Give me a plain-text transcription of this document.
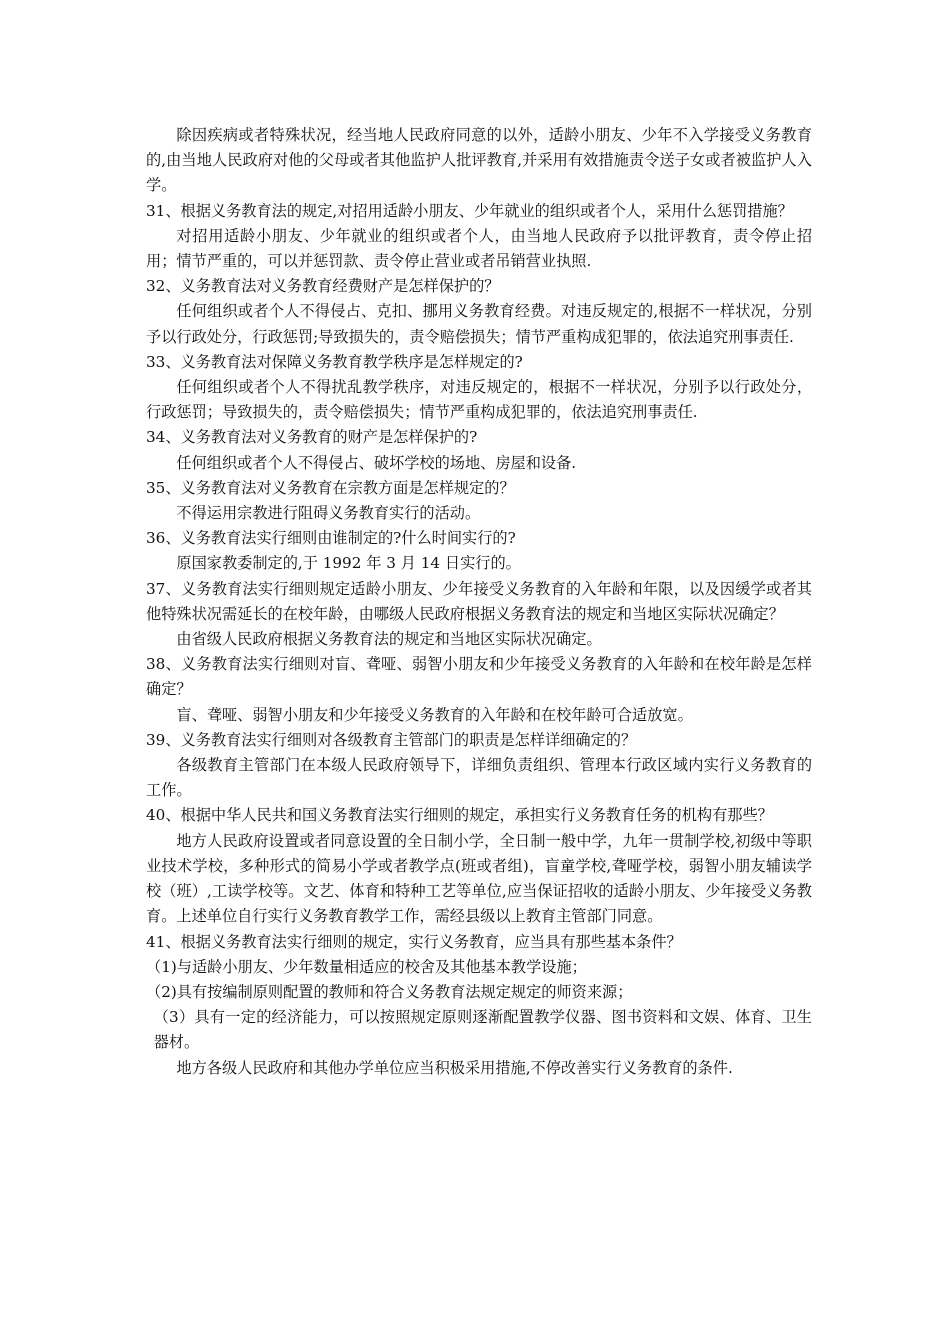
除因疾病或者特殊状况，经当地人民政府同意的以外，适龄小朋友、少年不入学接受义务教育的,由当地人民政府对他的父母或者其他监护人批评教育,并采用有效措施责令送子女或者被监护人入学。

31、根据义务教育法的规定,对招用适龄小朋友、少年就业的组织或者个人，采用什么惩罚措施？

对招用适龄小朋友、少年就业的组织或者个人，由当地人民政府予以批评教育，责令停止招用；情节严重的，可以并惩罚款、责令停止营业或者吊销营业执照.

32、义务教育法对义务教育经费财产是怎样保护的？

任何组织或者个人不得侵占、克扣、挪用义务教育经费。对违反规定的,根据不一样状况，分别予以行政处分，行政惩罚;导致损失的，责令赔偿损失；情节严重构成犯罪的，依法追究刑事责任.

33、义务教育法对保障义务教育教学秩序是怎样规定的?

任何组织或者个人不得扰乱教学秩序，对违反规定的，根据不一样状况，分别予以行政处分，行政惩罚；导致损失的，责令赔偿损失；情节严重构成犯罪的，依法追究刑事责任.

34、义务教育法对义务教育的财产是怎样保护的?

任何组织或者个人不得侵占、破坏学校的场地、房屋和设备.

35、义务教育法对义务教育在宗教方面是怎样规定的？

不得运用宗教进行阻碍义务教育实行的活动。

36、义务教育法实行细则由谁制定的?什么时间实行的?

原国家教委制定的,于 1992 年 3 月 14 日实行的。

37、义务教育法实行细则规定适龄小朋友、少年接受义务教育的入年龄和年限，以及因缓学或者其他特殊状况需延长的在校年龄，由哪级人民政府根据义务教育法的规定和当地区实际状况确定？

由省级人民政府根据义务教育法的规定和当地区实际状况确定。

38、义务教育法实行细则对盲、聋哑、弱智小朋友和少年接受义务教育的入年龄和在校年龄是怎样确定？

盲、聋哑、弱智小朋友和少年接受义务教育的入年龄和在校年龄可合适放宽。

39、义务教育法实行细则对各级教育主管部门的职责是怎样详细确定的？

各级教育主管部门在本级人民政府领导下，详细负责组织、管理本行政区域内实行义务教育的工作。

40、根据中华人民共和国义务教育法实行细则的规定，承担实行义务教育任务的机构有那些？

地方人民政府设置或者同意设置的全日制小学，全日制一般中学，九年一贯制学校,初级中等职业技术学校，多种形式的简易小学或者教学点(班或者组)，盲童学校,聋哑学校，弱智小朋友辅读学校（班）,工读学校等。文艺、体育和特种工艺等单位,应当保证招收的适龄小朋友、少年接受义务教育。上述单位自行实行义务教育教学工作，需经县级以上教育主管部门同意。

41、根据义务教育法实行细则的规定，实行义务教育，应当具有那些基本条件？

（1)与适龄小朋友、少年数量相适应的校舍及其他基本教学设施；

（2)具有按编制原则配置的教师和符合义务教育法规定规定的师资来源；

（3）具有一定的经济能力，可以按照规定原则逐渐配置教学仪器、图书资料和文娱、体育、卫生器材。

地方各级人民政府和其他办学单位应当积极采用措施,不停改善实行义务教育的条件.
